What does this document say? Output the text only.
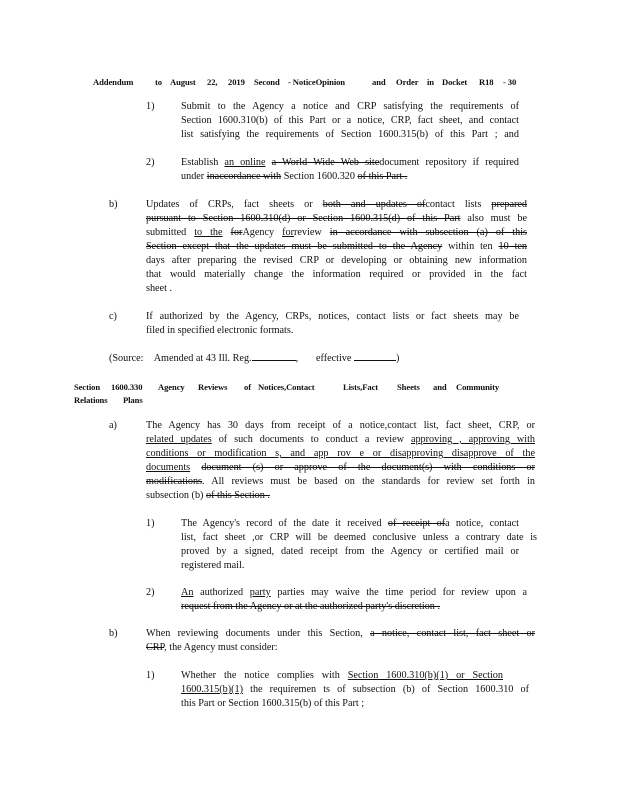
Addendum	to August 22, 2019 Second - NoticeOpinion	and Order in Docket R18 - 30
1)	Submit to the Agency a notice and CRP satisfying the requirements of
Section 1600.310(b) of this Part or a notice, CRP, fact sheet, and contact
list satisfying the requirements of Section 1600.315(b) of this Part ; and
2)	Establish an online a World Wide Web sitedocument repository if required
under inaccordance with Section 1600.320 of this Part .
b)	Updates of CRPs, fact sheets or both and updates ofcontact lists prepared
pursuant to Section 1600.310(d) or Section 1600.315(d) of this Part also must be
submitted to the forAgency forreview in accordance with subsection (a) of this
Section except that the updates must be submitted to the Agency within ten 10 ten
days after preparing the revised CRP or developing or obtaining new information
that would materially change the information required or provided in the fact
sheet .
c)	If authorized by the Agency, CRPs, notices, contact lists or fact sheets may be
filed in specified electronic formats.
(Source: Amended at 43 Ill. Reg.	, effective	)
Section 1600.330 Agency Reviews of Notices,Contact	Lists,Fact Sheets and Community
Relations Plans
a)	The Agency has 30 days from receipt of a notice,contact list, fact sheet, CRP, or
related updates of such documents to conduct a review approving , approving with
conditions or modification s, and app rov e or disapproving disapprove of the
documents document (s) or approve of the document(s) with conditions or
modifications. All reviews must be based on the standards for review set forth in
subsection (b) of this Section .
1)	The Agency's record of the date it received of receipt ofa notice, contact
list, fact sheet ,or CRP will be deemed conclusive unless a contrary date is
proved by a signed, dated receipt from the Agency or certified mail or
registered mail.
2)	An authorized party parties may waive the time period for review upon a
request from the Agency or at the authorized party's discretion .
b)	When reviewing documents under this Section, a notice, contact list, fact sheet or
CRP, the Agency must consider:
1)	Whether the notice complies with Section 1600.310(b)(1) or Section
1600.315(b)(1) the requiremen ts of subsection (b) of Section 1600.310 of
this Part or Section 1600.315(b) of this Part ;
